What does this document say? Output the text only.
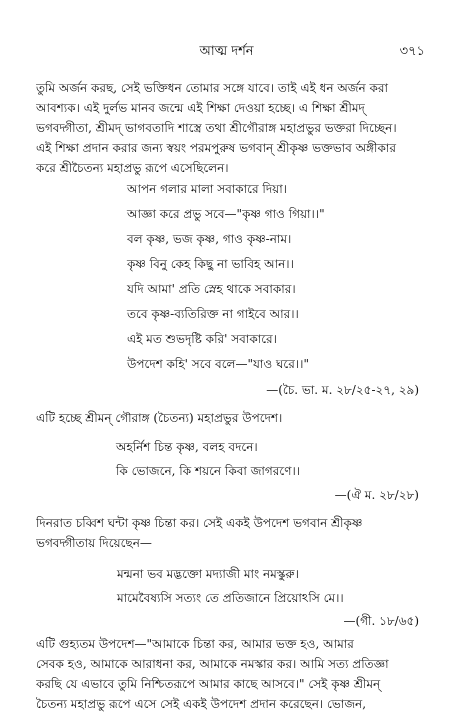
আত্ম দর্শন	৩৭১
তুমি অর্জন করছ, সেই ভক্তিধন তোমার সঙ্গে যাবে। তাই এই ধন অর্জন করা
আবশ্যক। এই দুর্লভ মানব জন্মে এই শিক্ষা দেওয়া হচ্ছে। এ শিক্ষা শ্রীমদ্
ভগবদ্গীতা, শ্রীমদ্ ভাগবতাদি শাস্ত্রে তথা শ্রীগৌরাঙ্গ মহাপ্রভুর ভক্তরা দিচ্ছেন।
এই শিক্ষা প্রদান করার জন্য স্বয়ং পরমপুরুষ ভগবান্ শ্রীকৃষ্ণ ভক্তভাব অঙ্গীকার
করে শ্রীচৈতন্য মহাপ্রভু রূপে এসেছিলেন।
আপন গলার মালা সবাকারে দিয়া।
আজ্ঞা করে প্রভু সবে—"কৃষ্ণ গাও গিয়া।।"
বল কৃষ্ণ, ভজ কৃষ্ণ, গাও কৃষ্ণ-নাম।
কৃষ্ণ বিনু কেহ কিছু না ভাবিহ আন।।
যদি আমা' প্রতি স্নেহ থাকে সবাকার।
তবে কৃষ্ণ-ব্যতিরিক্ত না গাইবে আর।।
এই মত শুভদৃষ্টি করি' সবাকারে।
উপদেশ কহি' সবে বলে—"যাও ঘরে।।"
—(চৈ. ভা. ম. ২৮/২৫-২৭, ২৯)
এটি হচ্ছে শ্রীমন্ গৌরাঙ্গ (চৈতন্য) মহাপ্রভুর উপদেশ।
অহর্নিশ চিন্ত কৃষ্ণ, বলহ বদনে।
কি ভোজনে, কি শয়নে কিবা জাগরণে।।
—(ঐ ম. ২৮/২৮)
দিনরাত চব্বিশ ঘন্টা কৃষ্ণ চিন্তা কর। সেই একই উপদেশ ভগবান শ্রীকৃষ্ণ
ভগবদ্গীতায় দিয়েছেন—
মন্মনা ভব মদ্ভক্তো মদ্যাজী মাং নমস্কুরু।
মামেবৈষ্যসি সত্যং তে প্রতিজানে প্রিয়োঽসি মে।।
—(গী. ১৮/৬৫)
এটি গুহ্যতম উপদেশ—"আমাকে চিন্তা কর, আমার ভক্ত হও, আমার
সেবক হও, আমাকে আরাধনা কর, আমাকে নমস্কার কর। আমি সত্য প্রতিজ্ঞা
করছি যে এভাবে তুমি নিশ্চিতরূপে আমার কাছে আসবে।" সেই কৃষ্ণ শ্রীমন্
চৈতন্য মহাপ্রভু রূপে এসে সেই একই উপদেশ প্রদান করেছেন। ভোজন,
